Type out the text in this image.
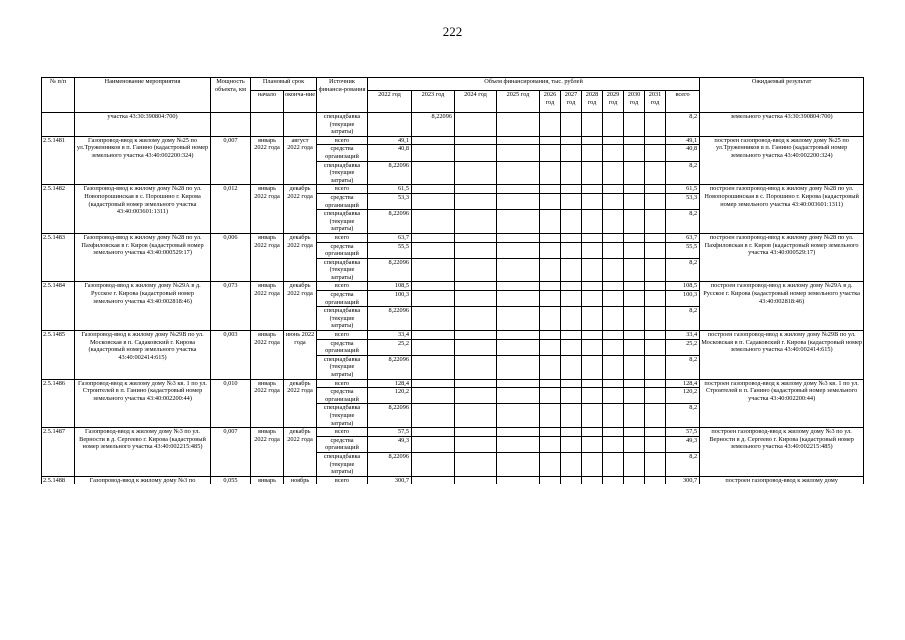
222
№ п/п	Наименование мероприятия	Мощность объекта, км	Плановый срок		Источник финанси-рования	Объем финансирования, тыс. рублей											Ожидаемый результат
			начало	оконча-ние		2022 год	2023 год	2024 год	2025 год	2026 год	2027 год	2028 год	2029 год	2030 год	2031 год	всего	
	участка 43:30:390804:700)				спецнадбавка (текущие затраты)		8,22096									8,2	земельного участка 43:30:390804:700)
2.5.1481	Газопровод-ввод к жилому дому №25 по ул.Труженников в п. Ганино (кадастровый номер земельного участка 43:40:002200:324)	0,007	январь 2022 года	август 2022 года	всего	49,1										49,1	построен газопровод-ввод к жилому дому №25 по ул.Труженников в п. Ганино (кадастровый номер земельного участка 43:40:002200:324)
					средства организаций	40,8										40,8	
					спецнадбавка (текущие затраты)	8,22096										8,2	
2.5.1482	Газопровод-ввод к жилому дому №28 по ул. Новопорошинская в с. Порошино г. Кирова (кадастровый номер земельного участка 43:40:003601:1311)	0,012	январь 2022 года	декабрь 2022 года	всего	61,5										61,5	построен газопровод-ввод к жилому дому №28 по ул. Новопорошинская в с. Порошино г. Кирова (кадастровый номер земельного участка 43:40:003601:1311)
					средства организаций	53,3										53,3	
					спецнадбавка (текущие затраты)	8,22096										8,2	
2.5.1483	Газопровод-ввод к жилому дому №28 по ул. Пахфиловская в г. Киров (кадастровый номер земельного участка 43:40:000529:17)	0,006	январь 2022 года	декабрь 2022 года	всего	63,7										63,7	построен газопровод-ввод к жилому дому №28 по ул. Пахфиловская в г. Киров (кадастровый номер земельного участка 43:40:000529:17)
					средства организаций	55,5										55,5	
					спецнадбавка (текущие затраты)	8,22096										8,2	
2.5.1484	Газопровод-ввод к жилому дому №29А в д. Русское г. Кирова (кадастровый номер земельного участка 43:40:002818:46)	0,073	январь 2022 года	декабрь 2022 года	всего	108,5										108,5	построен газопровод-ввод к жилому дому №29А в д. Русское г. Кирова (кадастровый номер земельного участка 43:40:002818:46)
					средства организаций	100,3										100,3	
					спецнадбавка (текущие затраты)	8,22096										8,2	
2.5.1485	Газопровод-ввод к жилому дому №29В по ул. Московская в п. Садаковский г. Кирова (кадастровый номер земельного участка 43:40:002414:615)	0,003	январь 2022 года	июнь 2022 года	всего	33,4										33,4	построен газопровод-ввод к жилому дому №29В по ул. Московская в п. Садаковский г. Кирова (кадастровый номер земельного участка 43:40:002414:615)
					средства организаций	25,2										25,2	
					спецнадбавка (текущие затраты)	8,22096										8,2	
2.5.1486	Газопровод-ввод к жилому дому №3 кв. 1 по ул. Строителей в п. Ганино (кадастровый номер земельного участка 43:40:002200:44)	0,010	январь 2022 года	декабрь 2022 года	всего	128,4										128,4	построен газопровод-ввод к жилому дому №3 кв. 1 по ул. Строителей в п. Ганино (кадастровый номер земельного участка 43:40:002200:44)
					средства организаций	120,2										120,2	
					спецнадбавка (текущие затраты)	8,22096										8,2	
2.5.1487	Газопровод-ввод к жилому дому №3 по ул. Верности в д. Сергеево г. Кирова (кадастровый номер земельного участка 43:40:002215:485)	0,007	январь 2022 года	декабрь 2022 года	всего	57,5										57,5	построен газопровод-ввод к жилому дому №3 по ул. Верности в д. Сергеево г. Кирова (кадастровый номер земельного участка 43:40:002215:485)
					средства организаций	49,3										49,3	
					спецнадбавка (текущие затраты)	8,22096										8,2	
2.5.1488	Газопровод-ввод к жилому дому №3 по	0,055	январь	ноябрь	всего	300,7										300,7	построен газопровод-ввод к жилому дому
